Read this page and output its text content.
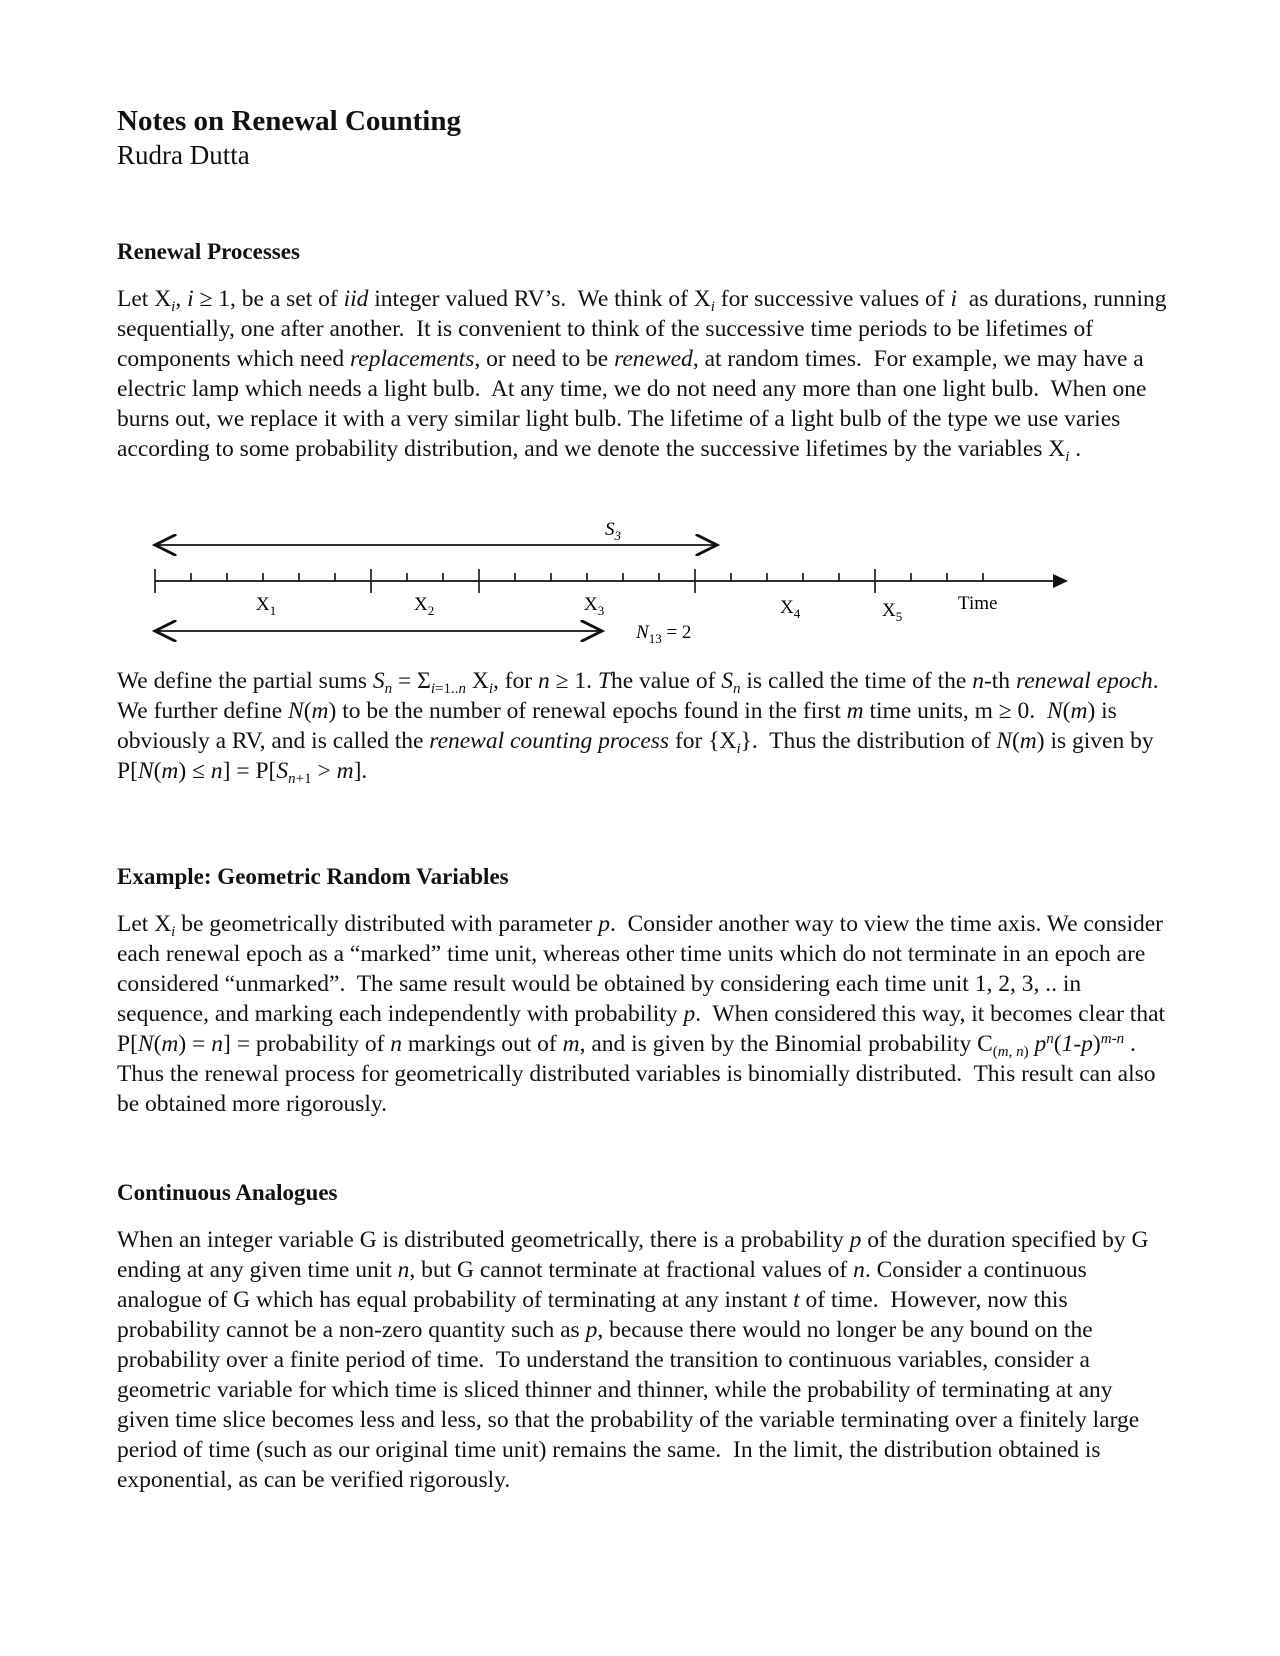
Notes on Renewal Counting
Rudra Dutta
Renewal Processes

Let $X_i$, i ≥ 1, be a set of iid integer valued RV’s.  We think of $X_i$ for successive values of i  as durations, running sequentially, one after another.  It is convenient to think of the successive time periods to be lifetimes of components which need replacements, or need to be renewed, at random times.  For example, we may have a electric lamp which needs a light bulb.  At any time, we do not need any more than one light bulb.  When one burns out, we replace it with a very similar light bulb. The lifetime of a light bulb of the type we use varies according to some probability distribution, and we denote the successive lifetimes by the variables $X_i$ .

$S_3$
$X_1$	$X_2$	$X_3$	$X_4$	$X_5$
Time
$N_{13} = 2$

We define the partial sums $S_n = \Sigma_{i=1..n}$ $X_i$, for n ≥ 1. The value of $S_n$ is called the time of the n-th renewal epoch.  We further define N(m) to be the number of renewal epochs found in the first m time units, m ≥ 0.  N(m) is obviously a RV, and is called the renewal counting process for $\{X_i\}$.  Thus the distribution of N(m) is given by $P[N(m) \le n] = P[S_{n+1} > m]$.

Example: Geometric Random Variables

Let $X_i$ be geometrically distributed with parameter p.  Consider another way to view the time axis. We consider each renewal epoch as a “marked” time unit, whereas other time units which do not terminate in an epoch are considered “unmarked”.  The same result would be obtained by considering each time unit 1, 2, 3, .. in sequence, and marking each independently with probability p.  When considered this way, it becomes clear that P[N(m) = n] = probability of n markings out of m, and is given by the Binomial probability $C_{(m, n)}$ $p^n(1-p)^{m-n}$ .  Thus the renewal process for geometrically distributed variables is binomially distributed.  This result can also be obtained more rigorously.

Continuous Analogues

When an integer variable G is distributed geometrically, there is a probability p of the duration specified by G ending at any given time unit n, but G cannot terminate at fractional values of n. Consider a continuous analogue of G which has equal probability of terminating at any instant t of time.  However, now this probability cannot be a non-zero quantity such as p, because there would no longer be any bound on the probability over a finite period of time.  To understand the transition to continuous variables, consider a geometric variable for which time is sliced thinner and thinner, while the probability of terminating at any given time slice becomes less and less, so that the probability of the variable terminating over a finitely large period of time (such as our original time unit) remains the same.  In the limit, the distribution obtained is exponential, as can be verified rigorously.
